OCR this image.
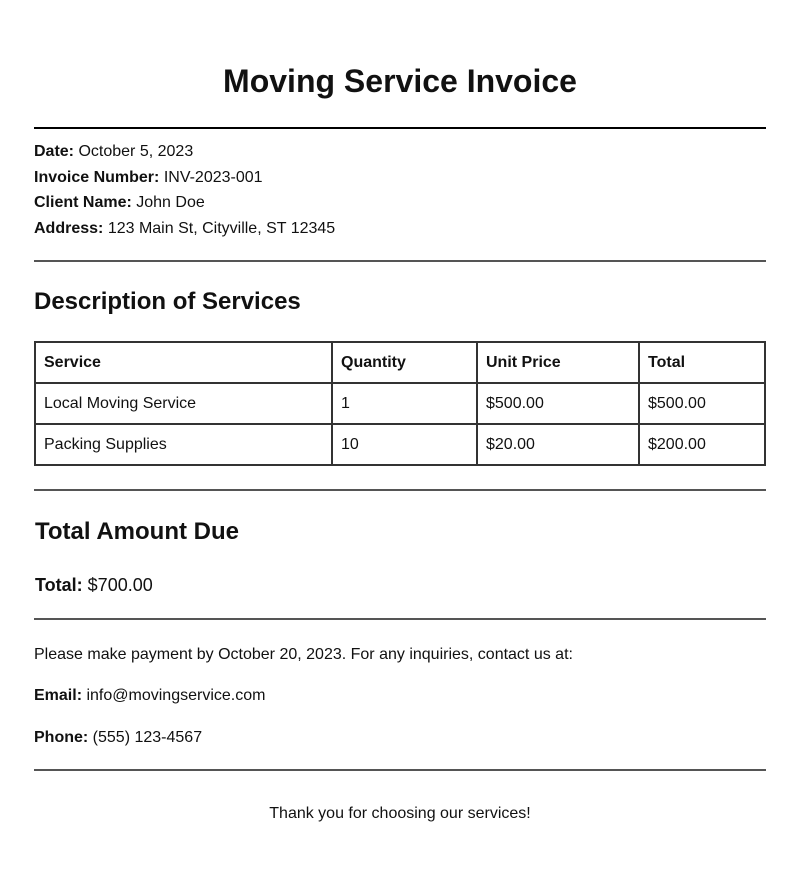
Moving Service Invoice
Date: October 5, 2023
Invoice Number: INV-2023-001
Client Name: John Doe
Address: 123 Main St, Cityville, ST 12345
Description of Services
Service	Quantity	Unit Price	Total
Local Moving Service	1	$500.00	$500.00
Packing Supplies	10	$20.00	$200.00
Total Amount Due
Total: $700.00
Please make payment by October 20, 2023. For any inquiries, contact us at:
Email: info@movingservice.com
Phone: (555) 123-4567
Thank you for choosing our services!
